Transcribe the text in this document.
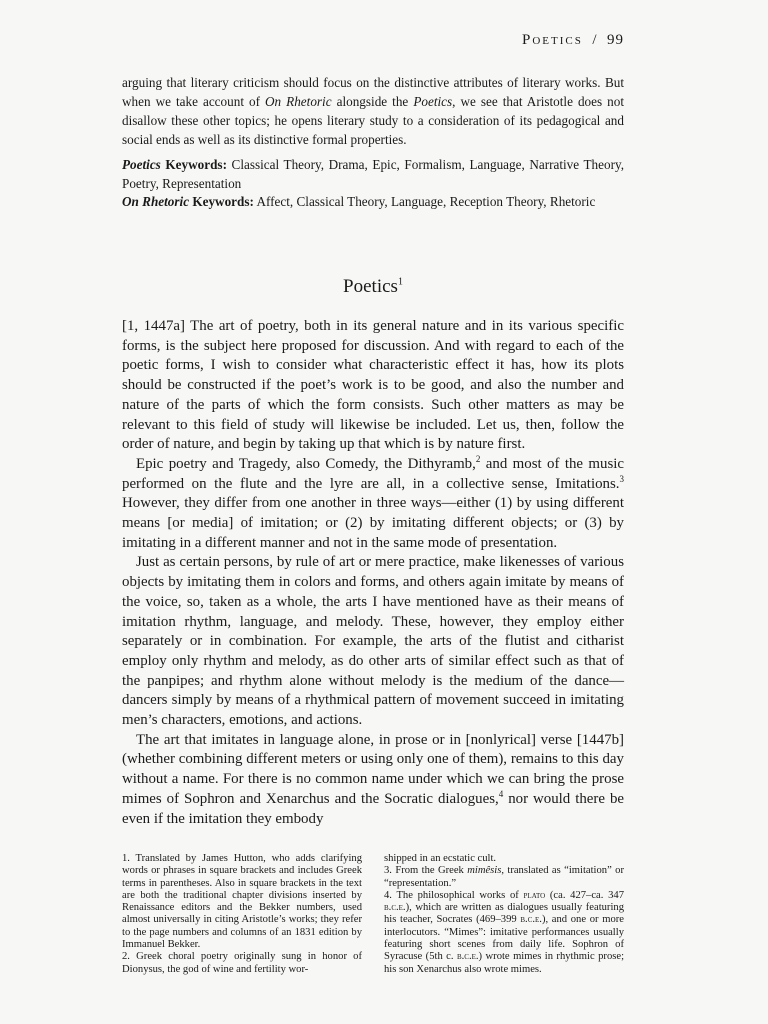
Poetics / 99
arguing that literary criticism should focus on the distinctive attributes of literary works. But when we take account of On Rhetoric alongside the Poetics, we see that Aristotle does not disallow these other topics; he opens literary study to a consideration of its pedagogical and social ends as well as its distinctive formal properties.

Poetics Keywords: Classical Theory, Drama, Epic, Formalism, Language, Narrative Theory, Poetry, Representation

On Rhetoric Keywords: Affect, Classical Theory, Language, Reception Theory, Rhetoric

Poetics$^1$

[1, 1447a] The art of poetry, both in its general nature and in its various specific forms, is the subject here proposed for discussion. And with regard to each of the poetic forms, I wish to consider what characteristic effect it has, how its plots should be constructed if the poet’s work is to be good, and also the number and nature of the parts of which the form consists. Such other matters as may be relevant to this field of study will likewise be included. Let us, then, follow the order of nature, and begin by taking up that which is by nature first.

Epic poetry and Tragedy, also Comedy, the Dithyramb,$^2$ and most of the music performed on the flute and the lyre are all, in a collective sense, Imitations.$^3$ However, they differ from one another in three ways—either (1) by using different means [or media] of imitation; or (2) by imitating different objects; or (3) by imitating in a different manner and not in the same mode of presentation.

Just as certain persons, by rule of art or mere practice, make likenesses of various objects by imitating them in colors and forms, and others again imitate by means of the voice, so, taken as a whole, the arts I have mentioned have as their means of imitation rhythm, language, and melody. These, however, they employ either separately or in combination. For example, the arts of the flutist and citharist employ only rhythm and melody, as do other arts of similar effect such as that of the panpipes; and rhythm alone without melody is the medium of the dance—dancers simply by means of a rhythmical pattern of movement succeed in imitating men’s characters, emotions, and actions.

The art that imitates in language alone, in prose or in [nonlyrical] verse [1447b] (whether combining different meters or using only one of them), remains to this day without a name. For there is no common name under which we can bring the prose mimes of Sophron and Xenarchus and the Socratic dialogues,$^4$ nor would there be even if the imitation they embody

1. Translated by James Hutton, who adds clarifying words or phrases in square brackets and includes Greek terms in parentheses. Also in square brackets in the text are both the traditional chapter divisions inserted by Renaissance editors and the Bekker numbers, used almost universally in citing Aristotle’s works; they refer to the page numbers and columns of an 1831 edition by Immanuel Bekker.

2. Greek choral poetry originally sung in honor of Dionysus, the god of wine and fertility wor-

shipped in an ecstatic cult.

3. From the Greek mimêsis, translated as “imitation” or “representation.”

4. The philosophical works of plato (ca. 427–ca. 347 b.c.e.), which are written as dialogues usually featuring his teacher, Socrates (469–399 b.c.e.), and one or more interlocutors. “Mimes”: imitative performances usually featuring short scenes from daily life. Sophron of Syracuse (5th c. b.c.e.) wrote mimes in rhythmic prose; his son Xenarchus also wrote mimes.
